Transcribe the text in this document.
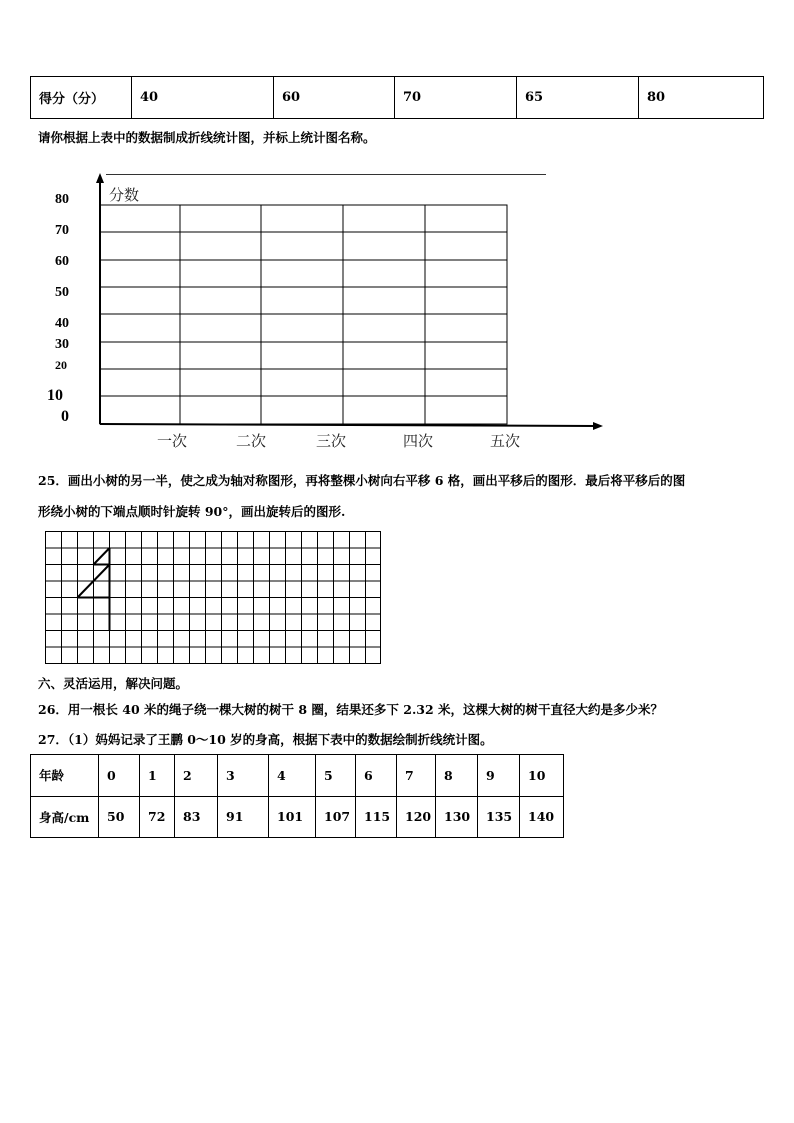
得分（分）	40	60	70	65	80
请你根据上表中的数据制成折线统计图，并标上统计图名称。
分数
80
70
60
50
40
30
20
10
0
一次	二次	三次	四次	五次
25．画出小树的另一半，使之成为轴对称图形，再将整棵小树向右平移 6 格，画出平移后的图形．最后将平移后的图
形绕小树的下端点顺时针旋转 90°，画出旋转后的图形.
六、灵活运用，解决问题。
26．用一根长 40 米的绳子绕一棵大树的树干 8 圈，结果还多下 2.32 米，这棵大树的树干直径大约是多少米？
27．（1）妈妈记录了王鹏 0～10 岁的身高，根据下表中的数据绘制折线统计图。
年龄	0	1	2	3	4	5	6	7	8	9	10
身高/cm	50	72	83	91	101	107	115	120	130	135	140
